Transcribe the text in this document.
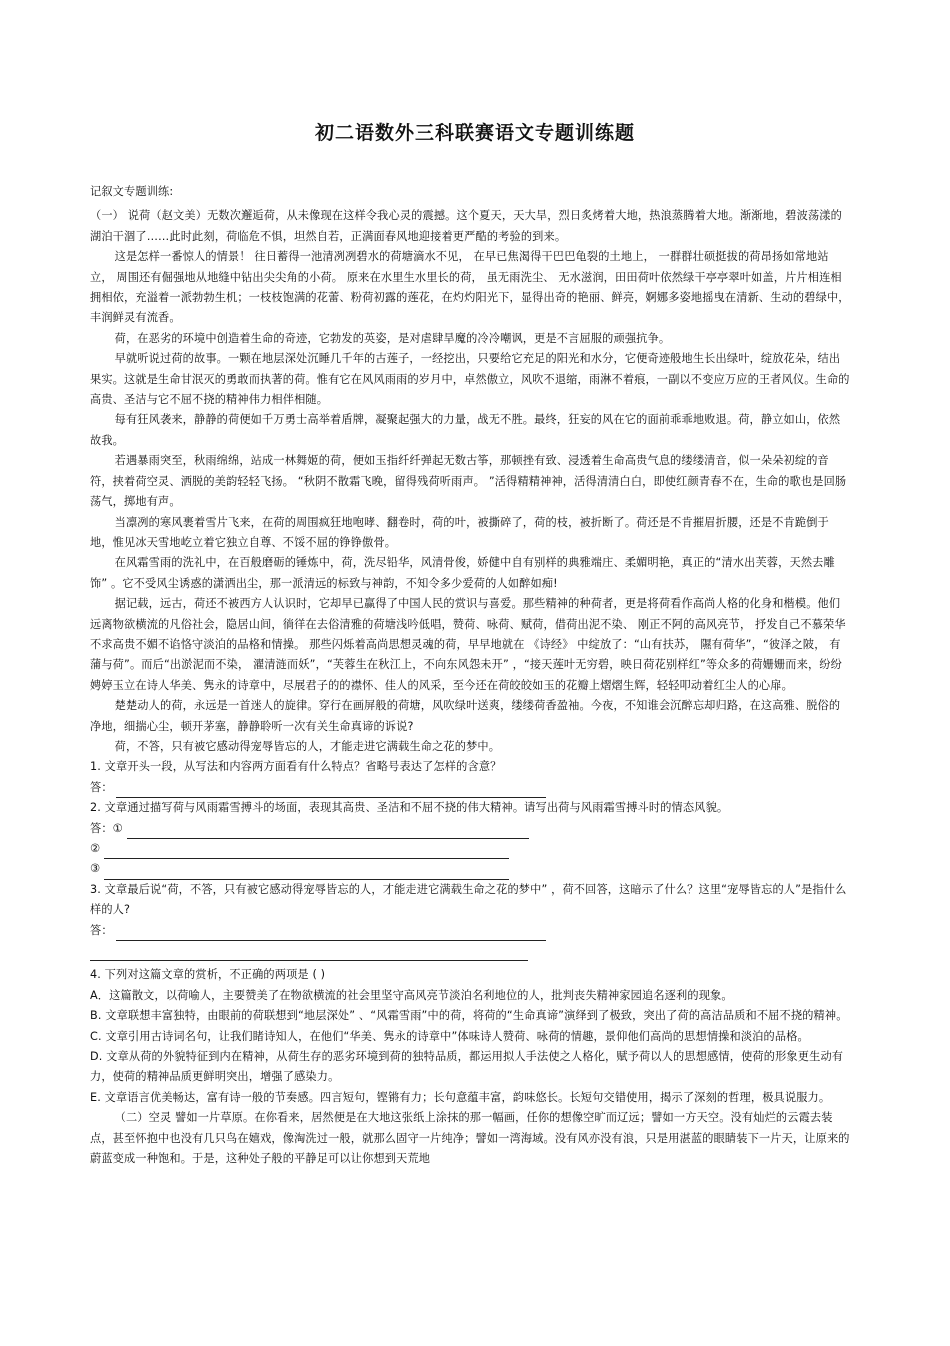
初二语数外三科联赛语文专题训练题

记叙文专题训练:

（一） 说荷（赵文美）无数次邂逅荷，从未像现在这样令我心灵的震撼。这个夏天，天大旱，烈日炙烤着大地，热浪蒸腾着大地。渐渐地，碧波荡漾的湖泊干涸了……此时此刻，荷临危不惧，坦然自若，正满面春风地迎接着更严酷的考验的到来。

这是怎样一番惊人的情景！ 往日蓄得一池清冽冽碧水的荷塘滴水不见， 在早已焦渴得干巴巴龟裂的土地上， 一群群壮硕挺拔的荷昂扬如常地站立， 周围还有倔强地从地缝中钻出尖尖角的小荷。 原来在水里生水里长的荷， 虽无雨洗尘、 无水滋润，田田荷叶依然绿干亭亭翠叶如盖，片片相连相拥相依，充溢着一派勃勃生机；一枝枝饱满的花蕾、粉荷初露的莲花，在灼灼阳光下，显得出奇的艳丽、鲜亮，婀娜多姿地摇曳在清新、生动的碧绿中，丰润鲜灵有流香。

荷，在恶劣的环境中创造着生命的奇迹，它勃发的英姿，是对虐肆旱魔的冷冷嘲讽，更是不言屈服的顽强抗争。

早就听说过荷的故事。一颗在地层深处沉睡几千年的古莲子，一经挖出，只要给它充足的阳光和水分，它便奇迹般地生长出绿叶，绽放花朵，结出果实。这就是生命甘泯灭的勇敢而执著的荷。惟有它在风风雨雨的岁月中，卓然傲立，风吹不退缩，雨淋不着痕，一副以不变应万应的王者风仪。生命的高贵、圣洁与它不屈不挠的精神伟力相伴相随。

每有狂风袭来，静静的荷便如千万勇士高举着盾牌，凝聚起强大的力量，战无不胜。最终，狂妄的风在它的面前乖乖地败退。荷，静立如山，依然故我。

若遇暴雨突至，秋雨绵绵，站成一林舞姬的荷，便如玉指纤纤弹起无数古筝，那顿挫有致、浸透着生命高贵气息的缕缕清音，似一朵朵初绽的音符，挟着荷空灵、洒脱的美韵轻轻飞扬。 “秋阴不散霜飞晚，留得残荷听雨声。 ”活得精精神神，活得清清白白，即使红颜青春不在，生命的歌也是回肠荡气，掷地有声。

当凛冽的寒风裹着雪片飞来，在荷的周围疯狂地咆哮、翻卷时，荷的叶，被撕碎了，荷的枝，被折断了。荷还是不肯摧眉折腰，还是不肯跪倒于地，惟见冰天雪地屹立着它独立自尊、不馁不屈的铮铮傲骨。

在风霜雪雨的洗礼中，在百般磨砺的锤炼中，荷，洗尽铅华，风清骨俊，娇健中自有别样的典雅端庄、柔媚明艳，真正的“清水出芙蓉，天然去雕饰” 。它不受风尘诱惑的潇洒出尘，那一派清远的标致与神韵，不知令多少爱荷的人如醉如痴!

据记载，远古，荷还不被西方人认识时，它却早已赢得了中国人民的赏识与喜爱。那些精神的种荷者，更是将荷看作高尚人格的化身和楷模。他们远离物欲横流的凡俗社会，隐居山间，徜徉在去俗清雅的荷塘浅吟低唱，赞荷、咏荷、赋荷，借荷出泥不染、 刚正不阿的高风亮节， 抒发自己不慕荣华不求高贵不媚不谄恪守淡泊的品格和情操。 那些闪烁着高尚思想灵魂的荷，早早地就在 《诗经》 中绽放了：“山有扶苏， 隰有荷华”，“彼泽之陂， 有蒲与荷”。而后“出淤泥而不染， 濯清涟而妖”，“芙蓉生在秋江上，不向东风怨未开” ，“接天莲叶无穷碧，映日荷花别样红”等众多的荷姗姗而来，纷纷娉婷玉立在诗人华美、隽永的诗章中，尽展君子的的襟怀、佳人的风采，至今还在荷皎皎如玉的花瓣上熠熠生辉，轻轻叩动着红尘人的心扉。

楚楚动人的荷，永远是一首迷人的旋律。穿行在画屏般的荷塘，风吹绿叶送爽，缕缕荷香盈袖。今夜，不知谁会沉醉忘却归路，在这高雅、脱俗的净地，细揣心尘，顿开茅塞，静静聆听一次有关生命真谛的诉说?

荷，不答，只有被它感动得宠辱皆忘的人，才能走进它满载生命之花的梦中。

1. 文章开头一段，从写法和内容两方面看有什么特点？省略号表达了怎样的含意？

答：

2. 文章通过描写荷与风雨霜雪搏斗的场面，表现其高贵、圣洁和不屈不挠的伟大精神。请写出荷与风雨霜雪搏斗时的情态风貌。

答：①

②

③

3. 文章最后说“荷，不答，只有被它感动得宠辱皆忘的人，才能走进它满载生命之花的梦中” ，荷不回答，这暗示了什么？这里“宠辱皆忘的人”是指什么样的人?

答：

4. 下列对这篇文章的赏析，不正确的两项是 ( )

A．这篇散文，以荷喻人，主要赞美了在物欲横流的社会里坚守高风亮节淡泊名利地位的人，批判丧失精神家园追名逐利的现象。

B. 文章联想丰富独特，由眼前的荷联想到“地层深处” 、“风霜雪雨”中的荷，将荷的“生命真谛”演绎到了极致，突出了荷的高洁品质和不屈不挠的精神。

C. 文章引用古诗词名句，让我们睹诗知人，在他们“华美、隽永的诗章中”体味诗人赞荷、咏荷的情趣，景仰他们高尚的思想情操和淡泊的品格。

D. 文章从荷的外貌特征到内在精神，从荷生存的恶劣环境到荷的独特品质，都运用拟人手法使之人格化，赋予荷以人的思想感情，使荷的形象更生动有力，使荷的精神品质更鲜明突出，增强了感染力。

E. 文章语言优美畅达，富有诗一般的节奏感。四言短句，铿锵有力；长句意蕴丰富，韵味悠长。长短句交错使用，揭示了深刻的哲理，极具说服力。

（二）空灵 譬如一片草原。在你看来，居然便是在大地这张纸上涂抹的那一幅画，任你的想像空旷而辽远；譬如一方天空。没有灿烂的云霞去装点，甚至怀抱中也没有几只鸟在嬉戏，像淘洗过一般，就那么固守一片纯净；譬如一湾海域。没有风亦没有浪，只是用湛蓝的眼睛装下一片天，让原来的蔚蓝变成一种饱和。于是，这种处子般的平静足可以让你想到天荒地
